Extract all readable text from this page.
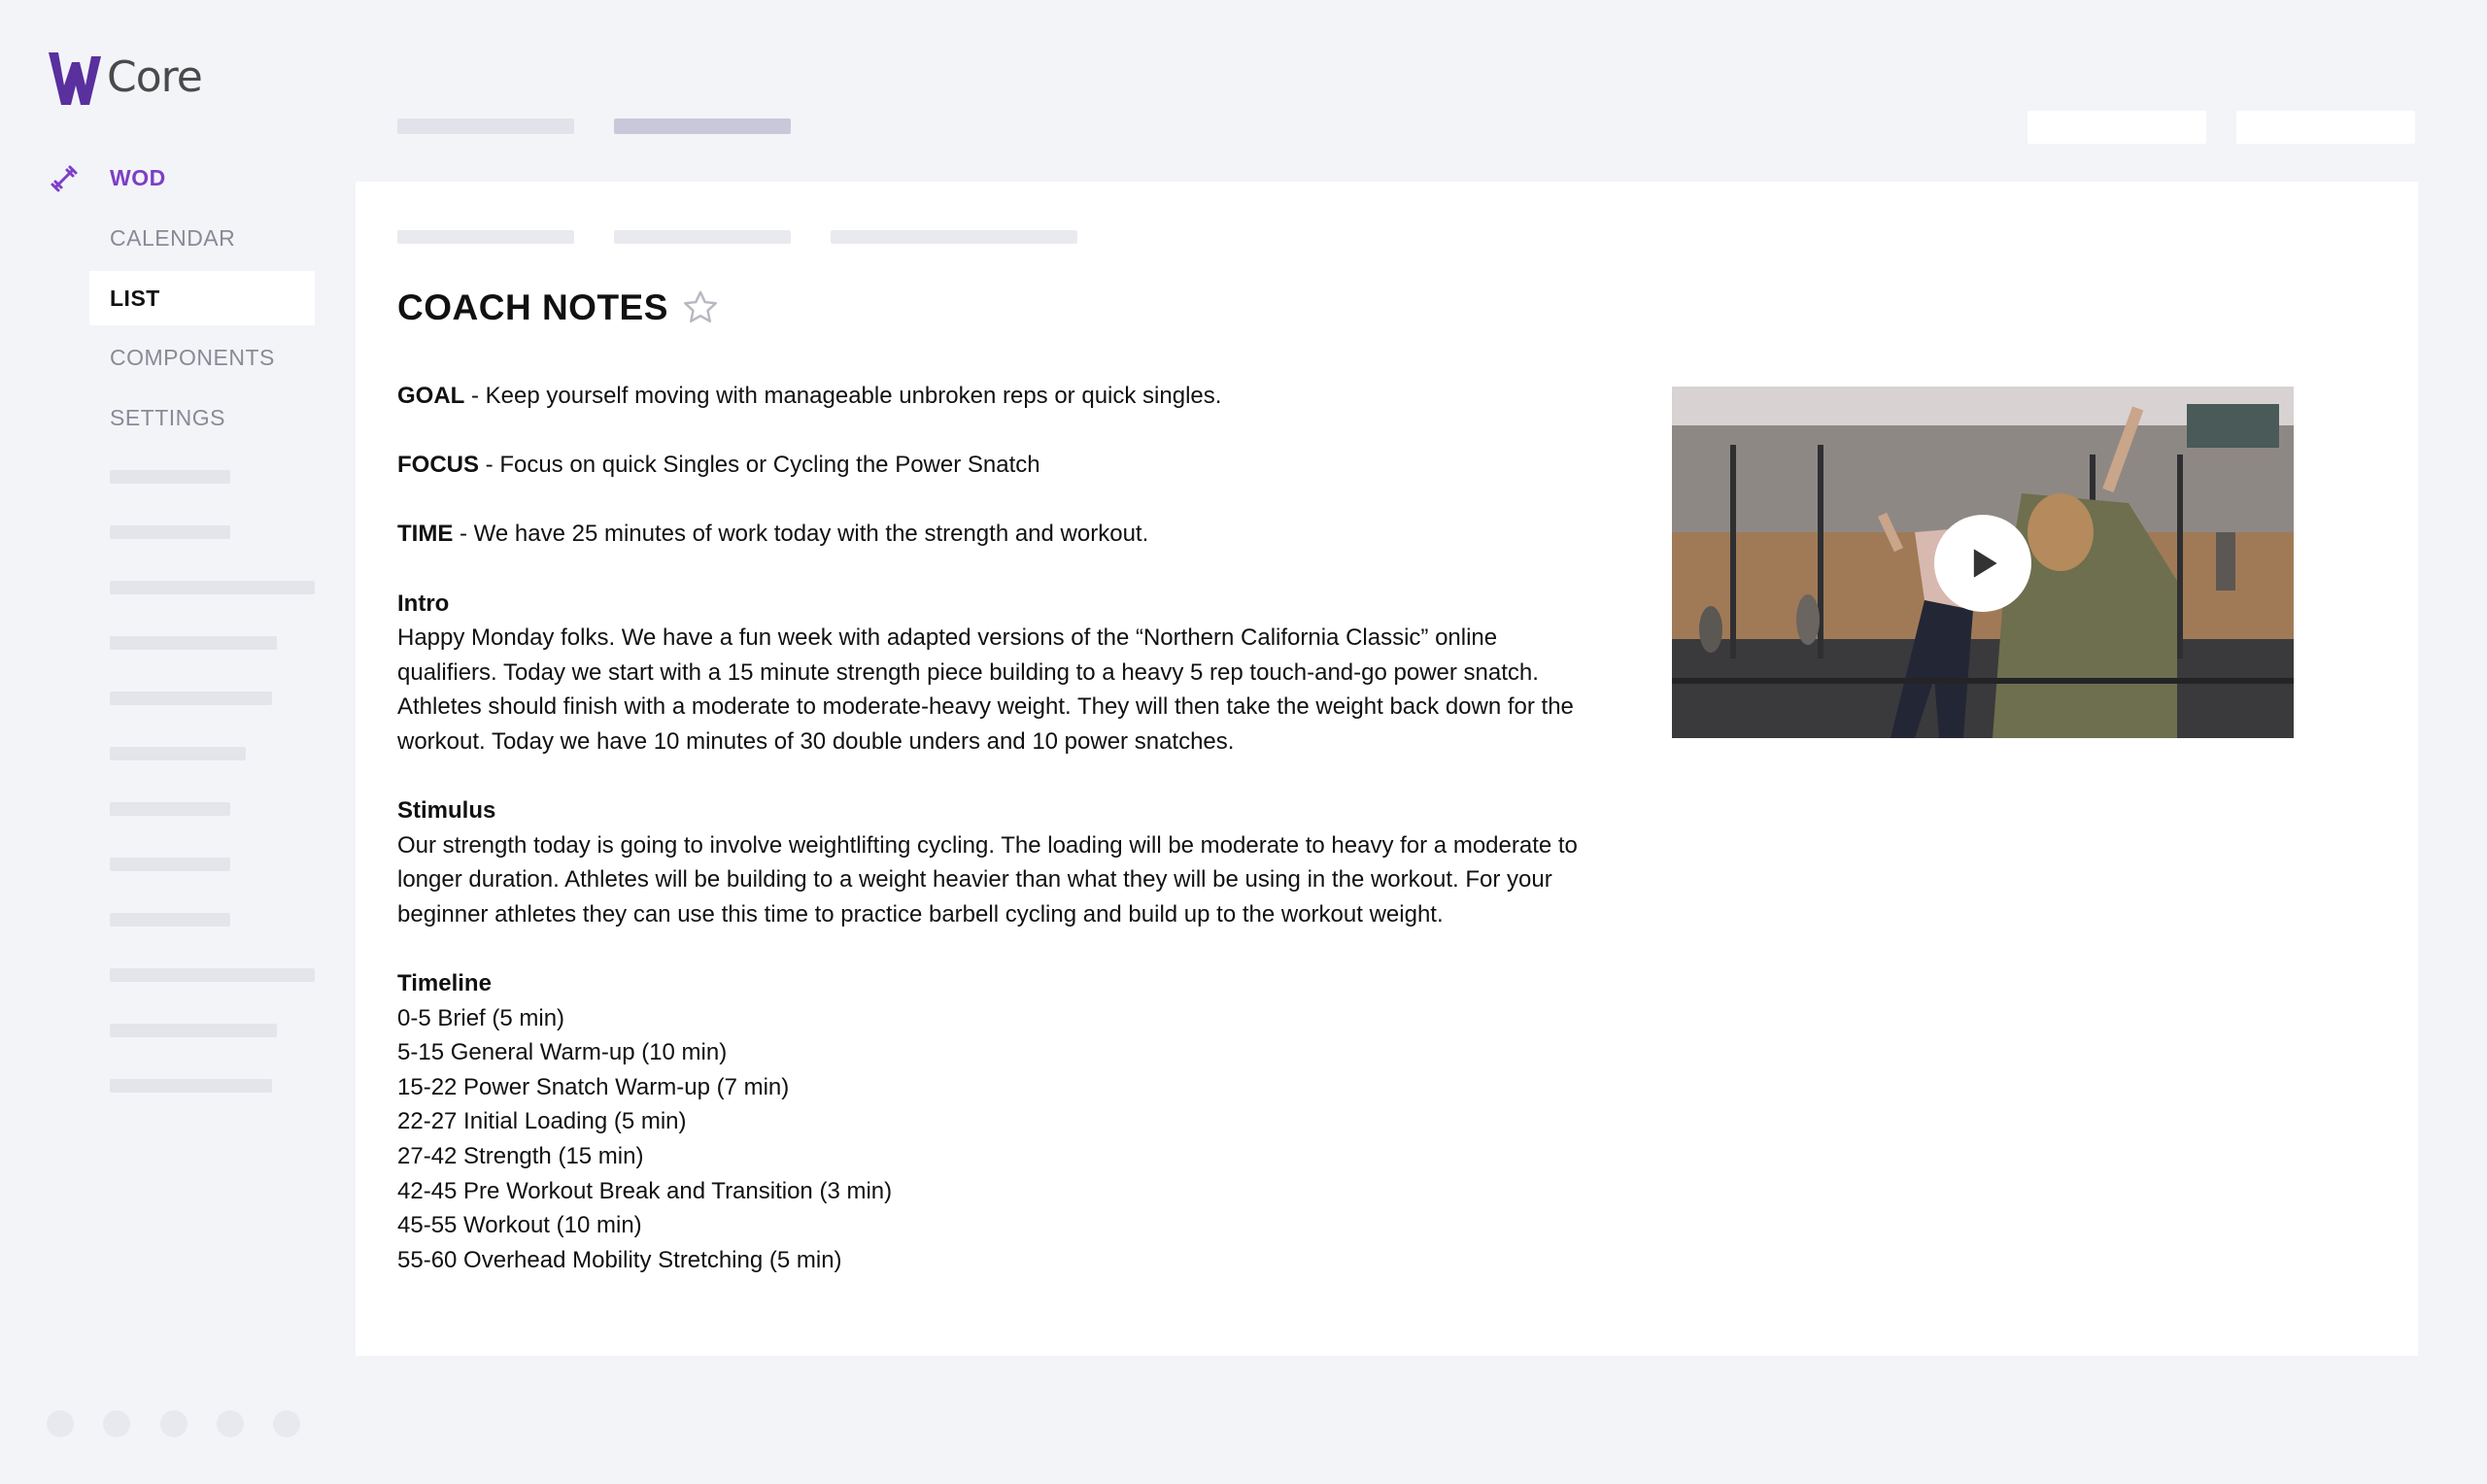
Core
WOD
CALENDAR
LIST
COMPONENTS
SETTINGS
COACH NOTES

GOAL - Keep yourself moving with manageable unbroken reps or quick singles.

FOCUS - Focus on quick Singles or Cycling the Power Snatch

TIME - We have 25 minutes of work today with the strength and workout.

Intro

Happy Monday folks. We have a fun week with adapted versions of the “Northern California Classic” online qualifiers. Today we start with a 15 minute strength piece building to a heavy 5 rep touch-and-go power snatch. Athletes should finish with a moderate to moderate-heavy weight. They will then take the weight back down for the workout. Today we have 10 minutes of 30 double unders and 10 power snatches.

Stimulus

Our strength today is going to involve weightlifting cycling. The loading will be moderate to heavy for a moderate to longer duration. Athletes will be building to a weight heavier than what they will be using in the workout. For your beginner athletes they can use this time to practice barbell cycling and build up to the workout weight.

Timeline

0-5 Brief (5 min)

5-15 General Warm-up (10 min)

15-22 Power Snatch Warm-up (7 min)

22-27 Initial Loading (5 min)

27-42 Strength (15 min)

42-45 Pre Workout Break and Transition (3 min)

45-55 Workout (10 min)

55-60 Overhead Mobility Stretching (5 min)
